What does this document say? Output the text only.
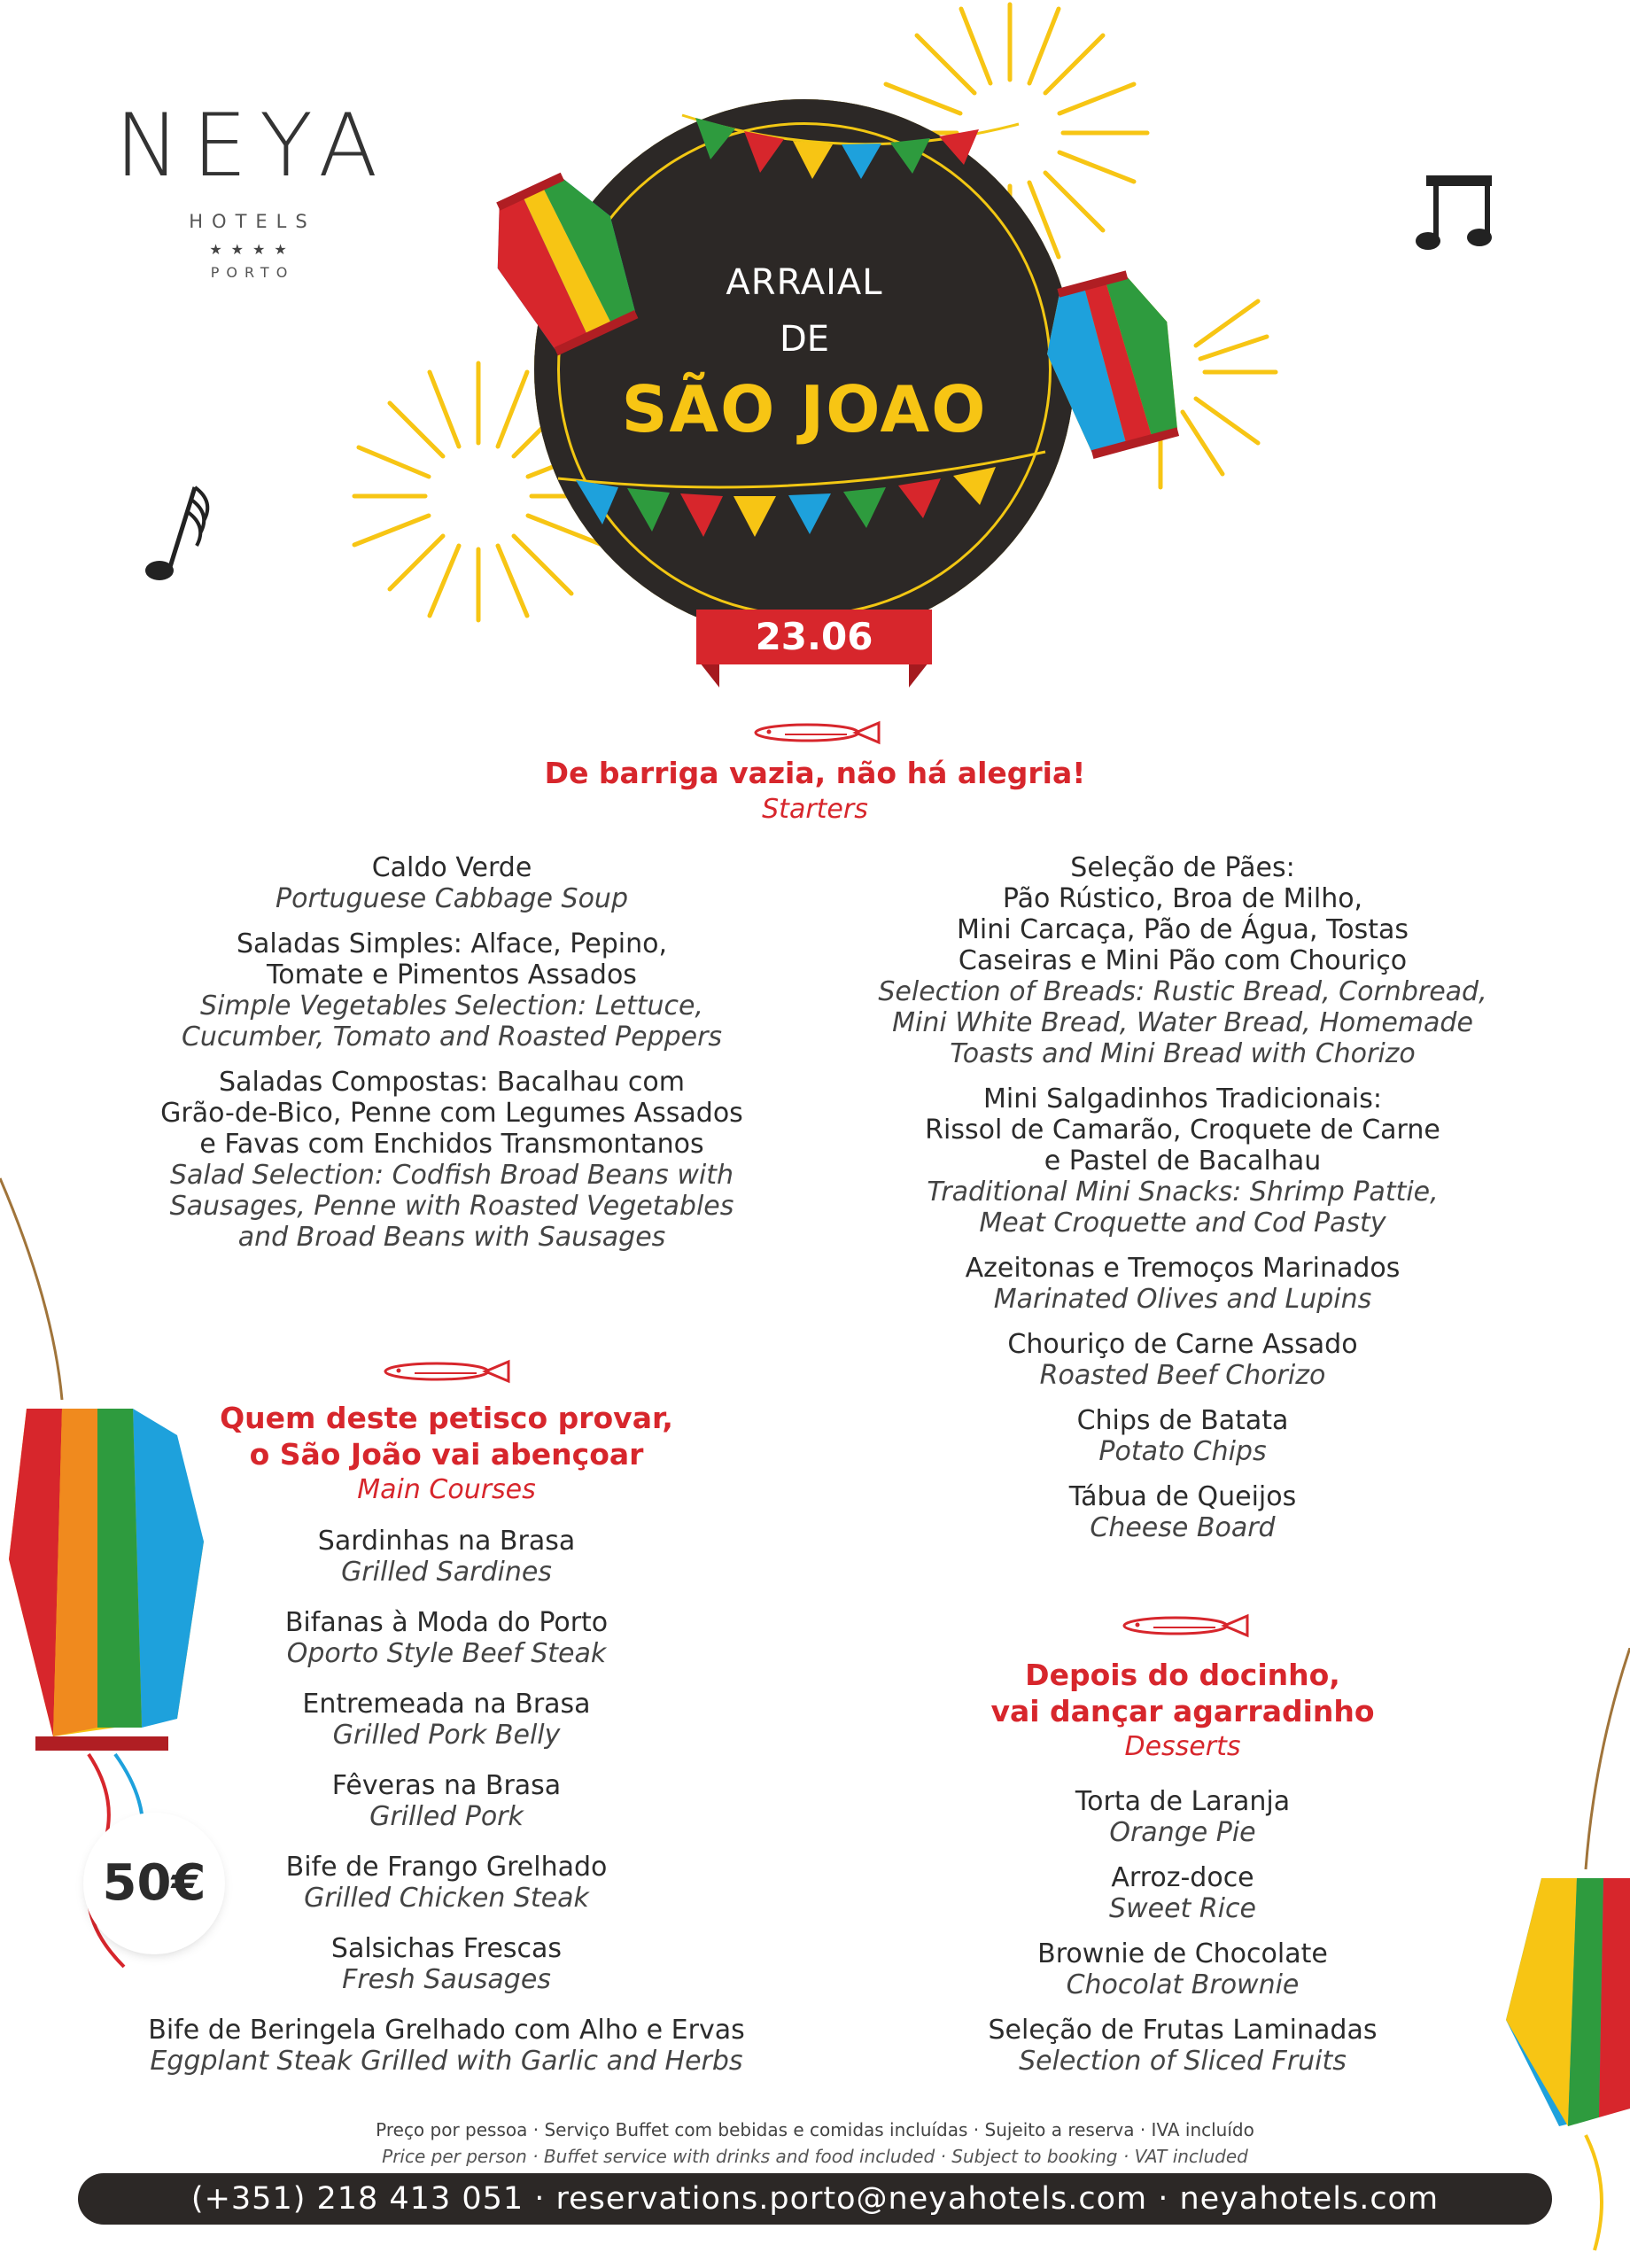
NEYA
HOTELS
★★★★
PORTO	ARRAIAL
DE
SÃO JOAO
23.06
De barriga vazia, não há alegria!
Starters
Caldo Verde
Portuguese Cabbage Soup
Saladas Simples: Alface, Pepino,
Tomate e Pimentos Assados
Simple Vegetables Selection: Lettuce,
Cucumber, Tomato and Roasted Peppers
Saladas Compostas: Bacalhau com
Grão-de-Bico, Penne com Legumes Assados
e Favas com Enchidos Transmontanos
Salad Selection: Codfish Broad Beans with
Sausages, Penne with Roasted Vegetables
and Broad Beans with Sausages
Seleção de Pães:
Pão Rústico, Broa de Milho,
Mini Carcaça, Pão de Água, Tostas
Caseiras e Mini Pão com Chouriço
Selection of Breads: Rustic Bread, Cornbread,
Mini White Bread, Water Bread, Homemade
Toasts and Mini Bread with Chorizo
Mini Salgadinhos Tradicionais:
Rissol de Camarão, Croquete de Carne
e Pastel de Bacalhau
Traditional Mini Snacks: Shrimp Pattie,
Meat Croquette and Cod Pasty
Azeitonas e Tremoços Marinados
Marinated Olives and Lupins
Chouriço de Carne Assado
Roasted Beef Chorizo
Chips de Batata
Potato Chips
Tábua de Queijos
Cheese Board
Quem deste petisco provar,
o São João vai abençoar
Main Courses
Sardinhas na Brasa
Grilled Sardines
Bifanas à Moda do Porto
Oporto Style Beef Steak
Entremeada na Brasa
Grilled Pork Belly
Fêveras na Brasa
Grilled Pork
Bife de Frango Grelhado
Grilled Chicken Steak
Salsichas Frescas
Fresh Sausages
Bife de Beringela Grelhado com Alho e Ervas
Eggplant Steak Grilled with Garlic and Herbs
Depois do docinho,
vai dançar agarradinho
Desserts
Torta de Laranja
Orange Pie
Arroz-doce
Sweet Rice
Brownie de Chocolate
Chocolat Brownie
Seleção de Frutas Laminadas
Selection of Sliced Fruits
50€
Preço por pessoa · Serviço Buffet com bebidas e comidas incluídas · Sujeito a reserva · IVA incluído
Price per person · Buffet service with drinks and food included · Subject to booking · VAT included
(+351) 218 413 051 · reservations.porto@neyahotels.com · neyahotels.com
